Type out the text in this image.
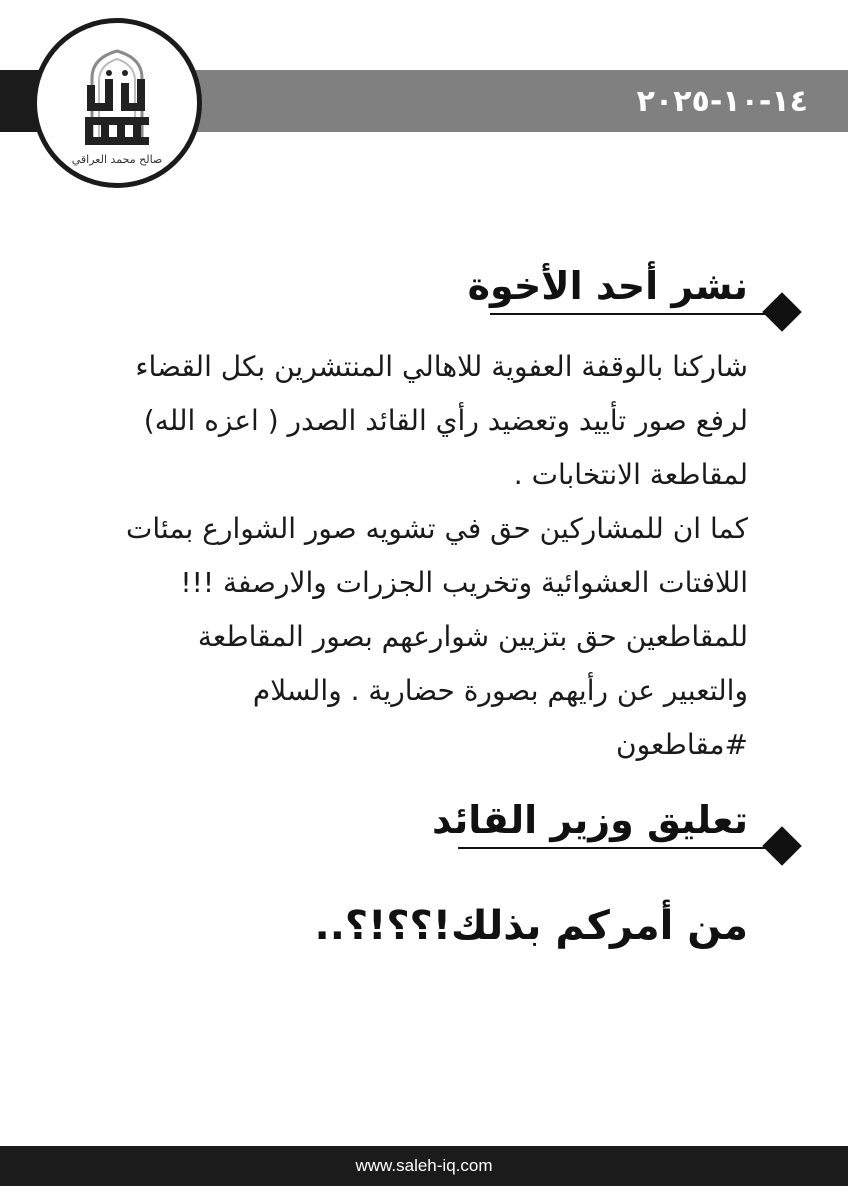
١٤-١٠-٢٠٢٥
صالح محمد العراقي
نشر أحد الأخوة

شاركنا بالوقفة العفوية للاهالي المنتشرين بكل القضاء

لرفع صور تأييد وتعضيد رأي القائد الصدر ( اعزه الله)

لمقاطعة الانتخابات .

كما ان للمشاركين حق في تشويه صور الشوارع بمئات

اللافتات العشوائية وتخريب الجزرات والارصفة !!!

للمقاطعين حق بتزيين شوارعهم بصور المقاطعة

والتعبير عن رأيهم بصورة حضارية . والسلام

#مقاطعون

تعليق وزير القائد
من أمركم بذلك!؟؟!؟..
www.saleh-iq.com
